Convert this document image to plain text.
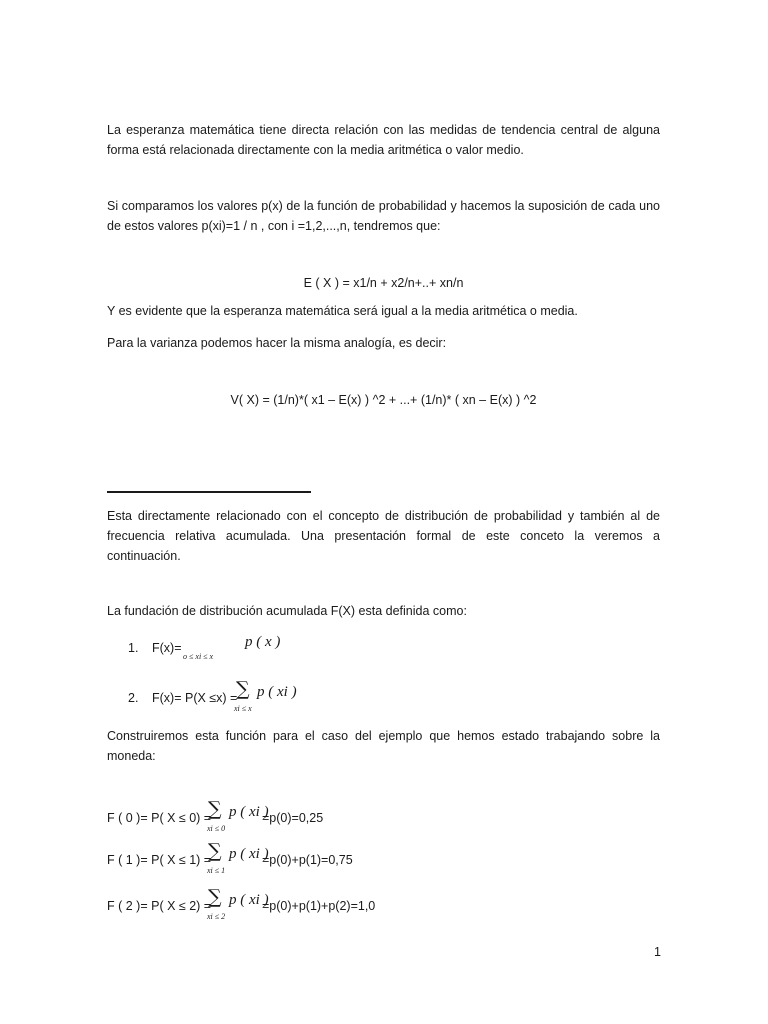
La esperanza matemática tiene directa relación con las medidas de tendencia central de alguna forma está relacionada directamente con la media aritmética o valor medio.

Si comparamos los valores p(x) de la función de probabilidad y hacemos la suposición de cada uno de estos valores p(xi)=1 / n , con i =1,2,...,n, tendremos que:

E ( X ) = x1/n + x2/n+..+ xn/n

Y es evidente que la esperanza matemática será igual a la media aritmética o media.

Para la varianza podemos hacer la misma analogía, es decir:

V( X) = (1/n)*( x1 – E(x) ) ^2 + ...+ (1/n)* ( xn – E(x) ) ^2

Esta directamente relacionado con el concepto de distribución de probabilidad y también al de frecuencia relativa acumulada. Una presentación formal de este conceto la veremos a continuación.

La fundación de distribución acumulada F(X) esta definida como:

1. F(x)=
o ≤ xi ≤ x
p ( x )
2. F(x)= P(X ≤x) =
∑
xi ≤ x
p ( xi )

Construiremos esta función para el caso del ejemplo que hemos estado trabajando sobre la moneda:

F ( 0 )= P( X ≤ 0) =
∑
xi ≤ 0
p ( xi )
=p(0)=0,25
F ( 1 )= P( X ≤ 1) =
∑
xi ≤ 1
p ( xi )
=p(0)+p(1)=0,75
F ( 2 )= P( X ≤ 2) =
∑
xi ≤ 2
p ( xi )
=p(0)+p(1)+p(2)=1,0
1
